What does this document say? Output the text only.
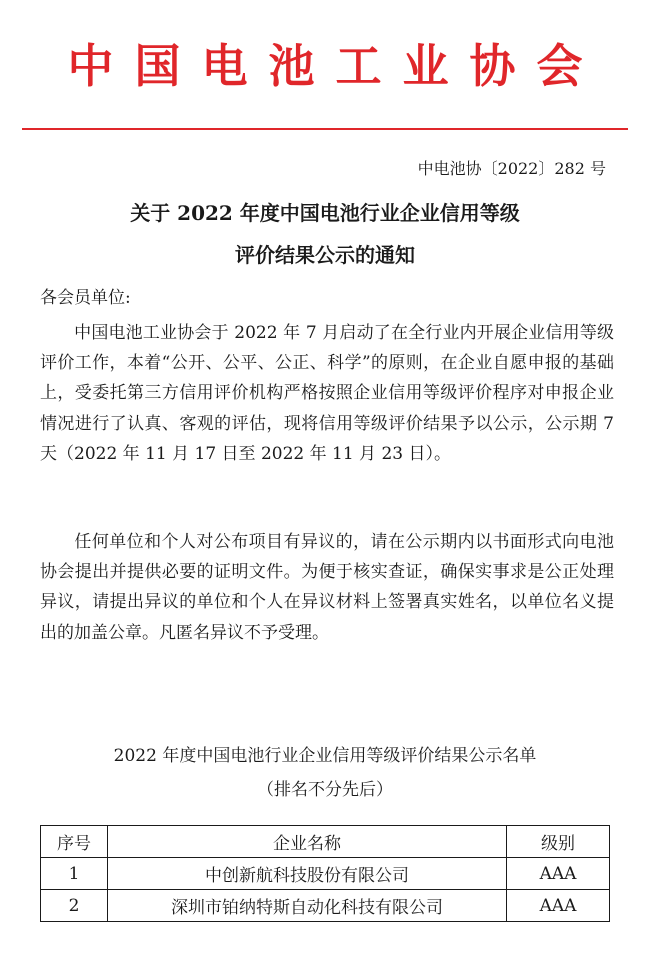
中国电池工业协会
中电池协〔2022〕282 号
关于 2022 年度中国电池行业企业信用等级
评价结果公示的通知
各会员单位:

中国电池工业协会于 2022 年 7 月启动了在全行业内开展企业信用等级评价工作，本着“公开、公平、公正、科学”的原则，在企业自愿申报的基础上，受委托第三方信用评价机构严格按照企业信用等级评价程序对申报企业情况进行了认真、客观的评估，现将信用等级评价结果予以公示，公示期 7 天（2022 年 11 月 17 日至 2022 年 11 月 23 日）。

任何单位和个人对公布项目有异议的，请在公示期内以书面形式向电池协会提出并提供必要的证明文件。为便于核实查证，确保实事求是公正处理异议，请提出异议的单位和个人在异议材料上签署真实姓名，以单位名义提出的加盖公章。凡匿名异议不予受理。

2022 年度中国电池行业企业信用等级评价结果公示名单
（排名不分先后）
序号	企业名称	级别
1	中创新航科技股份有限公司	AAA
2	深圳市铂纳特斯自动化科技有限公司	AAA
